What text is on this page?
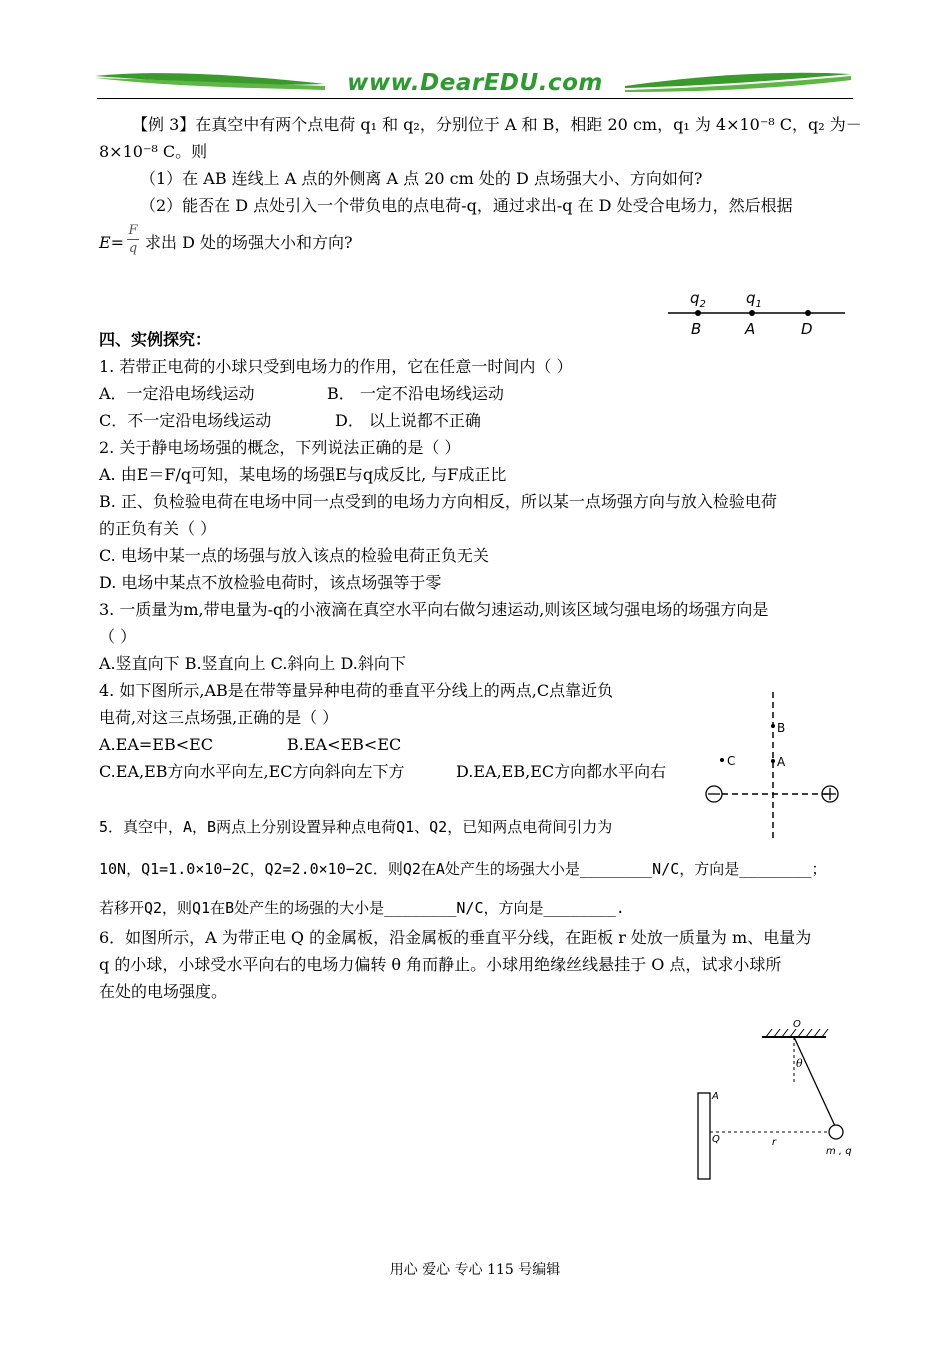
www.DearEDU.com
【例 3】在真空中有两个点电荷 q₁ 和 q₂，分别位于 A 和 B，相距 20 cm，q₁ 为 4×10⁻⁸ C，q₂ 为－
8×10⁻⁸ C。则
（1）在 AB 连线上 A 点的外侧离 A 点 20 cm 处的 D 点场强大小、方向如何?
（2）能否在 D 点处引入一个带负电的点电荷-q，通过求出-q 在 D 处受合电场力，然后根据
E=
F
q 求出 D 处的场强大小和方向?
$q_2$	$q_1$
B	A	D
四、实例探究：
1. 若带正电荷的小球只受到电场力的作用，它在任意一时间内（ ）
A．一定沿电场线运动	B． 一定不沿电场线运动
C．不一定沿电场线运动	D． 以上说都不正确
2. 关于静电场场强的概念，下列说法正确的是（ ）
A. 由E＝F/q可知，某电场的场强E与q成反比, 与F成正比
B. 正、负检验电荷在电场中同一点受到的电场力方向相反，所以某一点场强方向与放入检验电荷
的正负有关（ ）
C. 电场中某一点的场强与放入该点的检验电荷正负无关
D. 电场中某点不放检验电荷时，该点场强等于零
3. 一质量为m,带电量为-q的小液滴在真空水平向右做匀速运动,则该区域匀强电场的场强方向是
（ ）
A.竖直向下 B.竖直向上 C.斜向上 D.斜向下
4. 如下图所示,AB是在带等量异种电荷的垂直平分线上的两点,C点靠近负
电荷,对这三点场强,正确的是（ ）
A.EA=EB<EC	B.EA<EB<EC
C.EA,EB方向水平向左,EC方向斜向左下方	D.EA,EB,EC方向都水平向右
B
A
C
5．真空中，A，B两点上分别设置异种点电荷Q1、Q2，已知两点电荷间引力为
10N，Q1=1.0×10−2C，Q2=2.0×10−2C．则Q2在A处产生的场强大小是________N/C，方向是________；
若移开Q2，则Q1在B处产生的场强的大小是________N/C，方向是________.
6．如图所示，A 为带正电 Q 的金属板，沿金属板的垂直平分线，在距板 r 处放一质量为 m、电量为
q 的小球，小球受水平向右的电场力偏转 θ 角而静止。小球用绝缘丝线悬挂于 O 点，试求小球所
在处的电场强度。
O
θ
A
Q	r
m , q
用心 爱心 专心 115 号编辑
